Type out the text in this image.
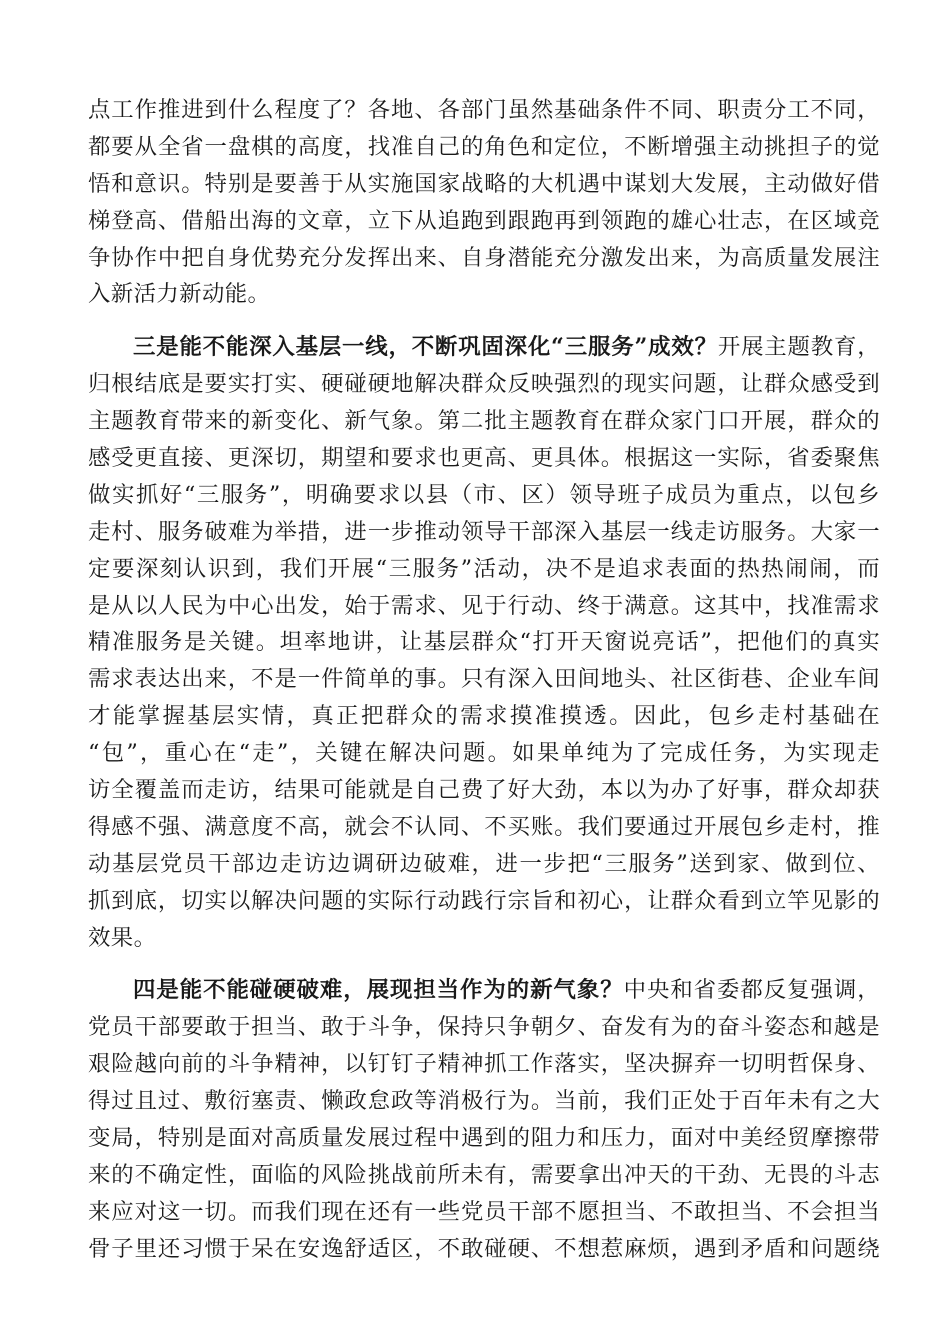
点工作推进到什么程度了？各地、各部门虽然基础条件不同、职责分工不同，
都要从全省一盘棋的高度，找准自己的角色和定位，不断增强主动挑担子的觉
悟和意识。特别是要善于从实施国家战略的大机遇中谋划大发展，主动做好借
梯登高、借船出海的文章，立下从追跑到跟跑再到领跑的雄心壮志，在区域竞
争协作中把自身优势充分发挥出来、自身潜能充分激发出来，为高质量发展注
入新活力新动能。
三是能不能深入基层一线，不断巩固深化“三服务”成效？开展主题教育，
归根结底是要实打实、硬碰硬地解决群众反映强烈的现实问题，让群众感受到
主题教育带来的新变化、新气象。第二批主题教育在群众家门口开展，群众的
感受更直接、更深切，期望和要求也更高、更具体。根据这一实际，省委聚焦
做实抓好“三服务”，明确要求以县（市、区）领导班子成员为重点，以包乡
走村、服务破难为举措，进一步推动领导干部深入基层一线走访服务。大家一
定要深刻认识到，我们开展“三服务”活动，决不是追求表面的热热闹闹，而
是从以人民为中心出发，始于需求、见于行动、终于满意。这其中，找准需求
精准服务是关键。坦率地讲，让基层群众“打开天窗说亮话”，把他们的真实
需求表达出来，不是一件简单的事。只有深入田间地头、社区街巷、企业车间
才能掌握基层实情，真正把群众的需求摸准摸透。因此，包乡走村基础在
“包”，重心在“走”，关键在解决问题。如果单纯为了完成任务，为实现走
访全覆盖而走访，结果可能就是自己费了好大劲，本以为办了好事，群众却获
得感不强、满意度不高，就会不认同、不买账。我们要通过开展包乡走村，推
动基层党员干部边走访边调研边破难，进一步把“三服务”送到家、做到位、
抓到底，切实以解决问题的实际行动践行宗旨和初心，让群众看到立竿见影的
效果。
四是能不能碰硬破难，展现担当作为的新气象？中央和省委都反复强调，
党员干部要敢于担当、敢于斗争，保持只争朝夕、奋发有为的奋斗姿态和越是
艰险越向前的斗争精神，以钉钉子精神抓工作落实，坚决摒弃一切明哲保身、
得过且过、敷衍塞责、懒政怠政等消极行为。当前，我们正处于百年未有之大
变局，特别是面对高质量发展过程中遇到的阻力和压力，面对中美经贸摩擦带
来的不确定性，面临的风险挑战前所未有，需要拿出冲天的干劲、无畏的斗志
来应对这一切。而我们现在还有一些党员干部不愿担当、不敢担当、不会担当
骨子里还习惯于呆在安逸舒适区，不敢碰硬、不想惹麻烦，遇到矛盾和问题绕
